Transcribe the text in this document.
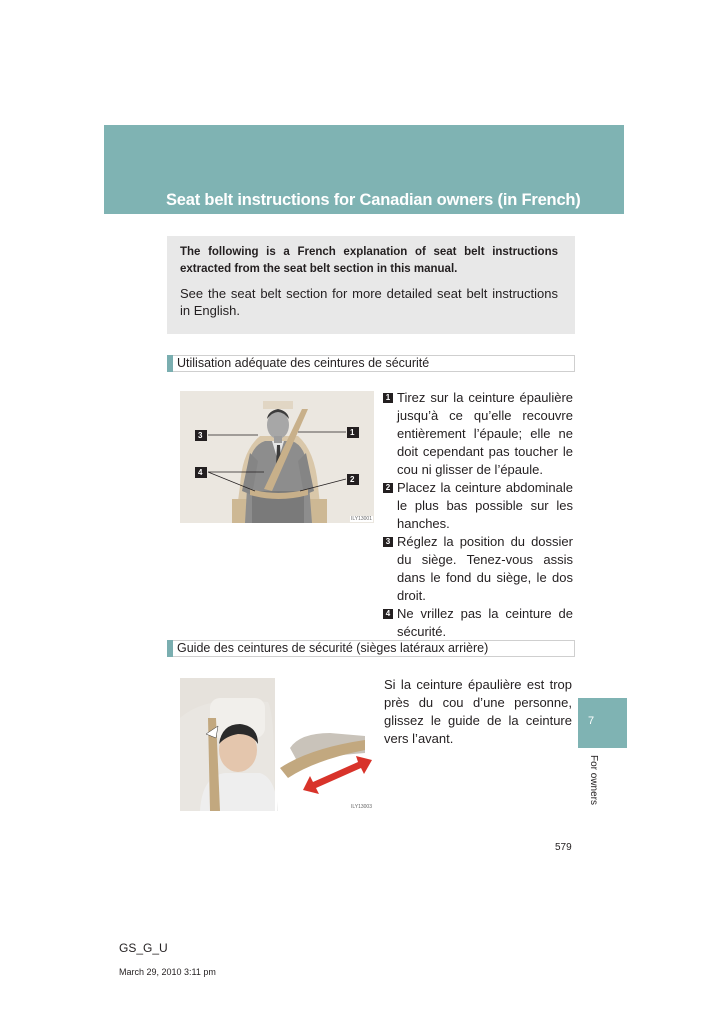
Seat belt instructions for Canadian owners (in French)
The following is a French explanation of seat belt instructions extracted from the seat belt section in this manual.
See the seat belt section for more detailed seat belt instructions in English.
Utilisation adéquate des ceintures de sécurité
1
2
3
4
ILY13001
1 Tirez sur la ceinture épaulière jusqu’à ce qu’elle recouvre entièrement l’épaule; elle ne doit cependant pas toucher le cou ni glisser de l’épaule.
2 Placez la ceinture abdominale le plus bas possible sur les hanches.
3 Réglez la position du dossier du siège. Tenez-vous assis dans le fond du siège, le dos droit.
4 Ne vrillez pas la ceinture de sécurité.
Guide des ceintures de sécurité (sièges latéraux arrière)
ILY13003
Si la ceinture épaulière est trop près du cou d’une personne, glissez le guide de la ceinture vers l’avant.
7
For owners
579
GS_G_U
March 29, 2010 3:11 pm
